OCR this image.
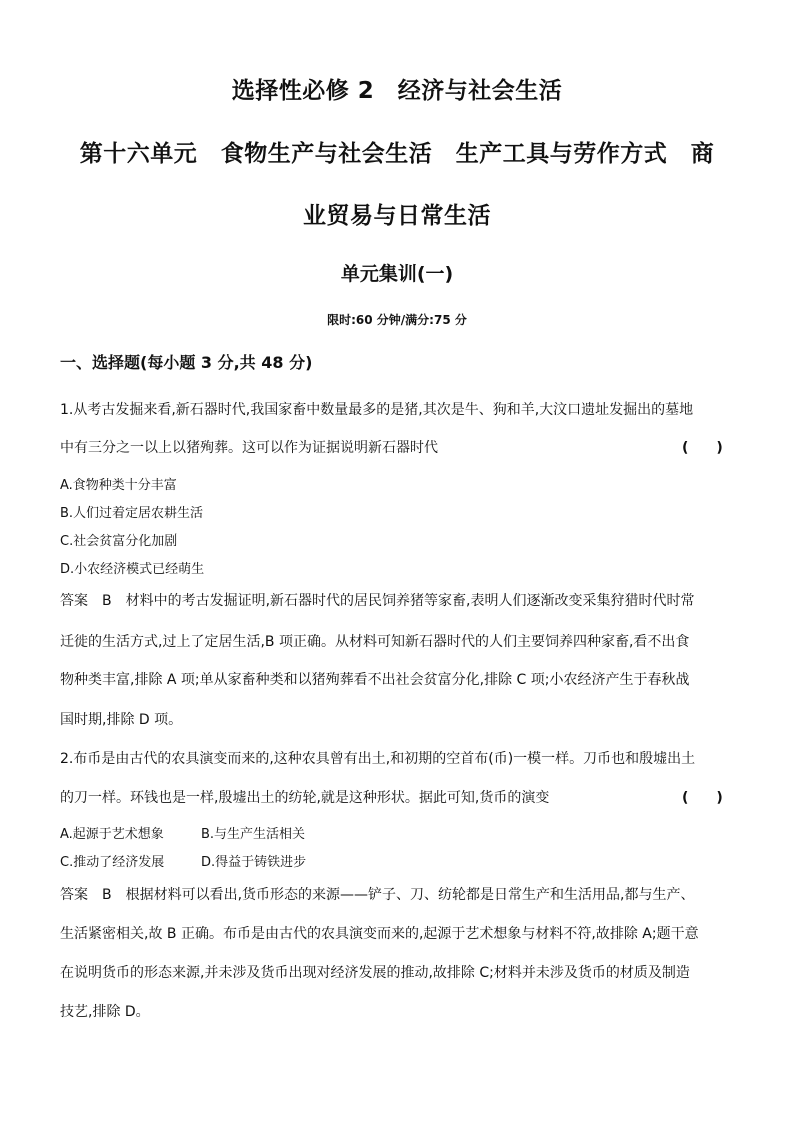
选择性必修 2　经济与社会生活
第十六单元　食物生产与社会生活　生产工具与劳作方式　商
业贸易与日常生活
单元集训(一)
限时:60 分钟/满分:75 分
一、选择题(每小题 3 分,共 48 分)
1.从考古发掘来看,新石器时代,我国家畜中数量最多的是猪,其次是牛、狗和羊,大汶口遗址发掘出的墓地
中有三分之一以上以猪殉葬。这可以作为证据说明新石器时代	(　　)
A.食物种类十分丰富
B.人们过着定居农耕生活
C.社会贫富分化加剧
D.小农经济模式已经萌生
答案　B　材料中的考古发掘证明,新石器时代的居民饲养猪等家畜,表明人们逐渐改变采集狩猎时代时常
迁徙的生活方式,过上了定居生活,B 项正确。从材料可知新石器时代的人们主要饲养四种家畜,看不出食
物种类丰富,排除 A 项;单从家畜种类和以猪殉葬看不出社会贫富分化,排除 C 项;小农经济产生于春秋战
国时期,排除 D 项。
2.布币是由古代的农具演变而来的,这种农具曾有出土,和初期的空首布(币)一模一样。刀币也和殷墟出土
的刀一样。环钱也是一样,殷墟出土的纺轮,就是这种形状。据此可知,货币的演变	(　　)
A.起源于艺术想象	B.与生产生活相关
C.推动了经济发展	D.得益于铸铁进步
答案　B　根据材料可以看出,货币形态的来源——铲子、刀、纺轮都是日常生产和生活用品,都与生产、
生活紧密相关,故 B 正确。布币是由古代的农具演变而来的,起源于艺术想象与材料不符,故排除 A;题干意
在说明货币的形态来源,并未涉及货币出现对经济发展的推动,故排除 C;材料并未涉及货币的材质及制造
技艺,排除 D。
